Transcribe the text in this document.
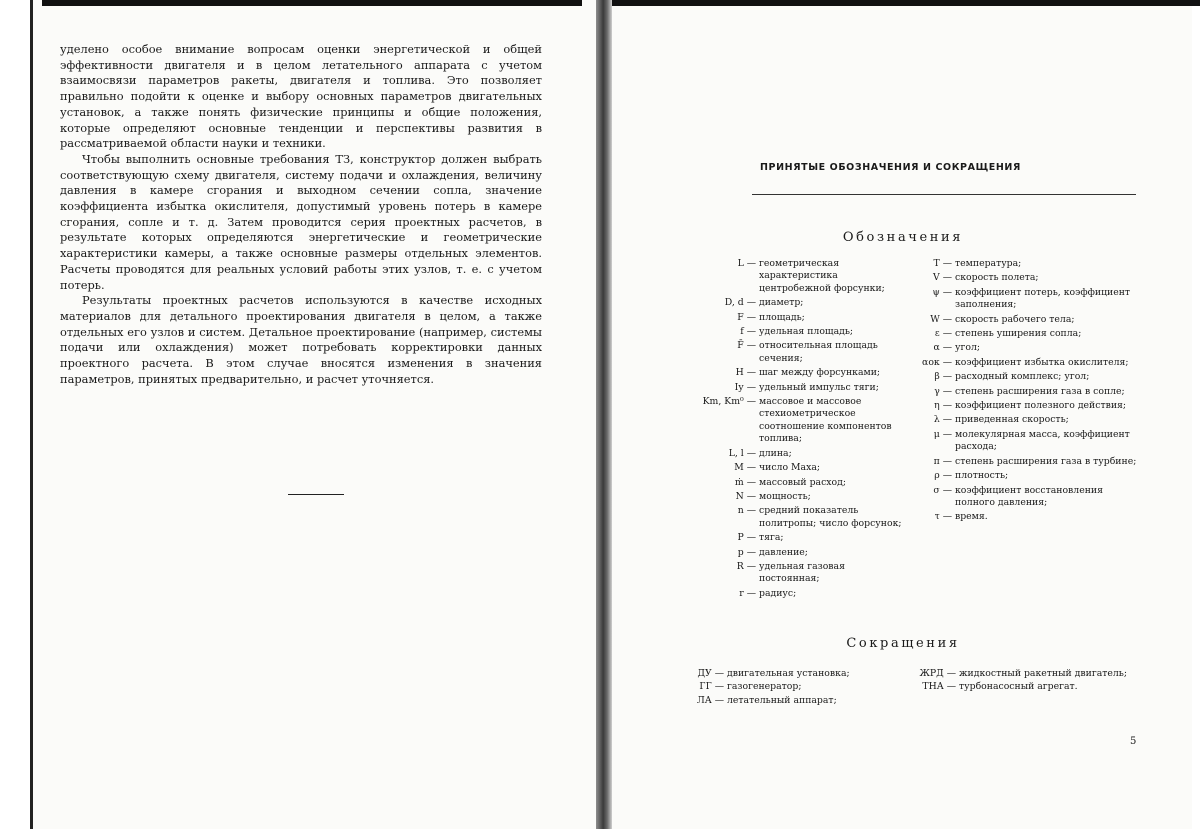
уделено особое внимание вопросам оценки энергетической и общей эффективности двигателя и в целом летательного аппарата с учетом взаимосвязи параметров ракеты, двигателя и топлива. Это позволяет правильно подойти к оценке и выбору основных параметров двигательных установок, а также понять физические принципы и общие положения, которые определяют основные тенденции и перспективы развития в рассматриваемой области науки и техники.

Чтобы выполнить основные требования ТЗ, конструктор должен выбрать соответствующую схему двигателя, систему подачи и охлаждения, величину давления в камере сгорания и выходном сечении сопла, значение коэффициента избытка окислителя, допустимый уровень потерь в камере сгорания, сопле и т. д. Затем проводится серия проектных расчетов, в результате которых определяются энергетические и геометрические характеристики камеры, а также основные размеры отдельных элементов. Расчеты проводятся для реальных условий работы этих узлов, т. е. с учетом потерь.

Результаты проектных расчетов используются в качестве исходных материалов для детального проектирования двигателя в целом, а также отдельных его узлов и систем. Детальное проектирование (например, системы подачи или охлаждения) может потребовать корректировки данных проектного расчета. В этом случае вносятся изменения в значения параметров, принятых предварительно, и расчет уточняется.

ПРИНЯТЫЕ ОБОЗНАЧЕНИЯ И СОКРАЩЕНИЯ
Обозначения
L — геометрическая характеристика центробежной форсунки;
D, d — диаметр;
F — площадь;
f — удельная площадь;
F̄ — относительная площадь сечения;
H — шаг между форсунками;
Iу — удельный импульс тяги;
Km, Km⁰ — массовое и массовое стехиометрическое соотношение компонентов топлива;
L, l — длина;
M — число Маха;
ṁ — массовый расход;
N — мощность;
n — средний показатель политропы; число форсунок;
P — тяга;
p — давление;
R — удельная газовая постоянная;
r — радиус;
T — температура;
V — скорость полета;
ψ — коэффициент потерь, коэффициент заполнения;
W — скорость рабочего тела;
ε — степень уширения сопла;
α — угол;
αок — коэффициент избытка окислителя;
β — расходный комплекс; угол;
γ — степень расширения газа в сопле;
η — коэффициент полезного действия;
λ — приведенная скорость;
μ — молекулярная масса, коэффициент расхода;
π — степень расширения газа в турбине;
ρ — плотность;
σ — коэффициент восстановления полного давления;
τ — время.
Сокращения
ДУ — двигательная установка;
ГГ — газогенератор;
ЛА — летательный аппарат;
ЖРД — жидкостный ракетный двигатель;
ТНА — турбонасосный агрегат.
5
